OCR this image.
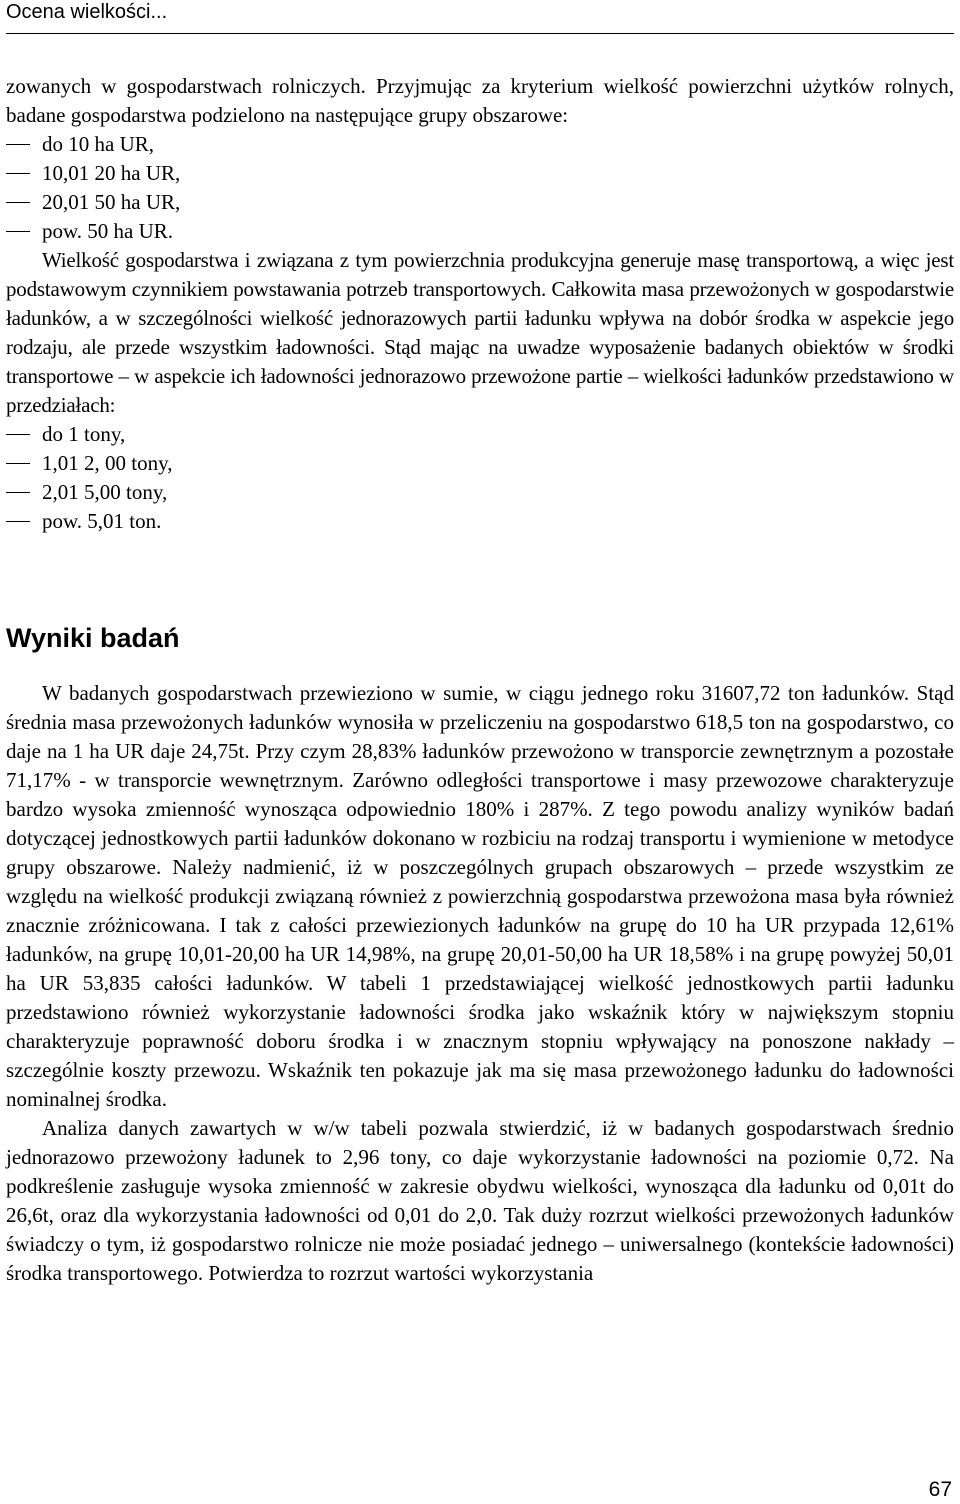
Ocena wielkości...

zowanych w gospodarstwach rolniczych. Przyjmując za kryterium wielkość powierzchni użytków rolnych, badane gospodarstwa podzielono na następujące grupy obszarowe:

do 10 ha UR,
10,01 20 ha UR,
20,01 50 ha UR,
pow. 50 ha UR.

Wielkość gospodarstwa i związana z tym powierzchnia produkcyjna generuje masę transportową, a więc jest podstawowym czynnikiem powstawania potrzeb transportowych. Całkowita masa przewożonych w gospodarstwie ładunków, a w szczególności wielkość jednorazowych partii ładunku wpływa na dobór środka w aspekcie jego rodzaju, ale przede wszystkim ładowności. Stąd mając na uwadze wyposażenie badanych obiektów w środki transportowe – w aspekcie ich ładowności jednorazowo przewożone partie – wielkości ładunków przedstawiono w przedziałach:

do 1 tony,
1,01 2, 00 tony,
2,01 5,00 tony,
pow. 5,01 ton.
Wyniki badań

W badanych gospodarstwach przewieziono w sumie, w ciągu jednego roku 31607,72 ton ładunków. Stąd średnia masa przewożonych ładunków wynosiła w przeliczeniu na gospodarstwo 618,5 ton na gospodarstwo, co daje na 1 ha UR daje 24,75t. Przy czym 28,83% ładunków przewożono w transporcie zewnętrznym a pozostałe 71,17% - w transporcie wewnętrznym. Zarówno odległości transportowe i masy przewozowe charakteryzuje bardzo wysoka zmienność wynosząca odpowiednio 180% i 287%. Z tego powodu analizy wyników badań dotyczącej jednostkowych partii ładunków dokonano w rozbiciu na rodzaj transportu i wymienione w metodyce grupy obszarowe. Należy nadmienić, iż w poszczególnych grupach obszarowych – przede wszystkim ze względu na wielkość produkcji związaną również z powierzchnią gospodarstwa przewożona masa była również znacznie zróżnicowana. I tak z całości przewiezionych ładunków na grupę do 10 ha UR przypada 12,61% ładunków, na grupę 10,01-20,00 ha UR 14,98%, na grupę 20,01-50,00 ha UR 18,58% i na grupę powyżej 50,01 ha UR 53,835 całości ładunków. W tabeli 1 przedstawiającej wielkość jednostkowych partii ładunku przedstawiono również wykorzystanie ładowności środka jako wskaźnik który w największym stopniu charakteryzuje poprawność doboru środka i w znacznym stopniu wpływający na ponoszone nakłady – szczególnie koszty przewozu. Wskaźnik ten pokazuje jak ma się masa przewożonego ładunku do ładowności nominalnej środka.

Analiza danych zawartych w w/w tabeli pozwala stwierdzić, iż w badanych gospodarstwach średnio jednorazowo przewożony ładunek to 2,96 tony, co daje wykorzystanie ładowności na poziomie 0,72. Na podkreślenie zasługuje wysoka zmienność w zakresie obydwu wielkości, wynosząca dla ładunku od 0,01t do 26,6t, oraz dla wykorzystania ładowności od 0,01 do 2,0. Tak duży rozrzut wielkości przewożonych ładunków świadczy o tym, iż gospodarstwo rolnicze nie może posiadać jednego – uniwersalnego (kontekście ładowności) środka transportowego. Potwierdza to rozrzut wartości wykorzystania

67
